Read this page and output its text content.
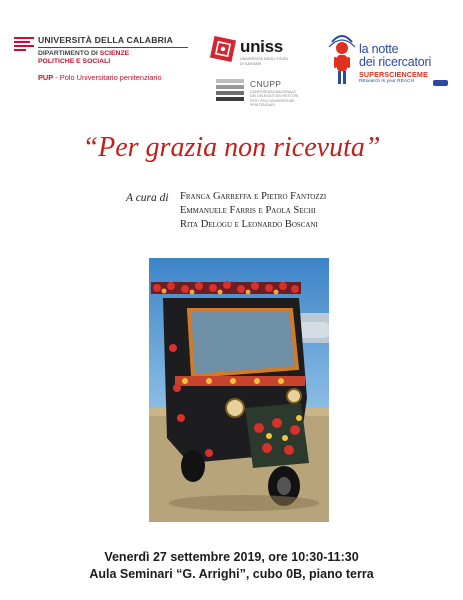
UNIVERSITÀ DELLA CALABRIA
DIPARTIMENTO DI SCIENZE
POLITICHE E SOCIALI
PUP - Polo Universitario penitenziario
uniss
UNIVERSITÀ DEGLI STUDI
DI SASSARI
CNUPP
CONFERENZA NAZIONALE
DEI DELEGATI DEI RETTORI
PER I POLI UNIVERSITARI
PENITENZIARI
la notte
dei ricercatori
SUPERSCIENCEME
REsearch Is your REACH
“Per grazia non ricevuta”
A cura di Franca Garreffa e Pietro Fantozzi
Emmanuele Farris e Paola Sechi
Rita Delogu e Leonardo Boscani
Venerdì 27 settembre 2019, ore 10:30-11:30
Aula Seminari “G. Arrighi”, cubo 0B, piano terra
